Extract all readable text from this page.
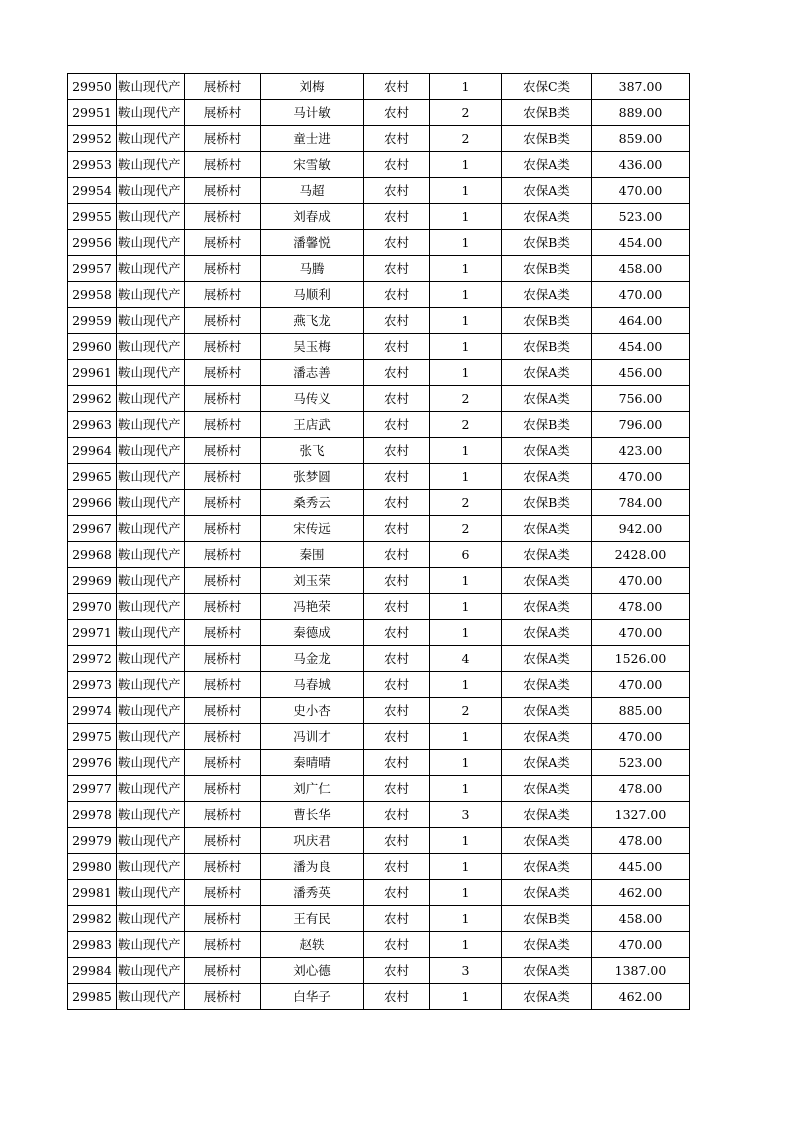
29950	鞍山现代产	展桥村	刘梅	农村	1	农保C类	387.00
29951	鞍山现代产	展桥村	马计敏	农村	2	农保B类	889.00
29952	鞍山现代产	展桥村	童士进	农村	2	农保B类	859.00
29953	鞍山现代产	展桥村	宋雪敏	农村	1	农保A类	436.00
29954	鞍山现代产	展桥村	马超	农村	1	农保A类	470.00
29955	鞍山现代产	展桥村	刘春成	农村	1	农保A类	523.00
29956	鞍山现代产	展桥村	潘馨悦	农村	1	农保B类	454.00
29957	鞍山现代产	展桥村	马腾	农村	1	农保B类	458.00
29958	鞍山现代产	展桥村	马顺利	农村	1	农保A类	470.00
29959	鞍山现代产	展桥村	燕飞龙	农村	1	农保B类	464.00
29960	鞍山现代产	展桥村	吴玉梅	农村	1	农保B类	454.00
29961	鞍山现代产	展桥村	潘志善	农村	1	农保A类	456.00
29962	鞍山现代产	展桥村	马传义	农村	2	农保A类	756.00
29963	鞍山现代产	展桥村	王店武	农村	2	农保B类	796.00
29964	鞍山现代产	展桥村	张飞	农村	1	农保A类	423.00
29965	鞍山现代产	展桥村	张梦圆	农村	1	农保A类	470.00
29966	鞍山现代产	展桥村	桑秀云	农村	2	农保B类	784.00
29967	鞍山现代产	展桥村	宋传远	农村	2	农保A类	942.00
29968	鞍山现代产	展桥村	秦围	农村	6	农保A类	2428.00
29969	鞍山现代产	展桥村	刘玉荣	农村	1	农保A类	470.00
29970	鞍山现代产	展桥村	冯艳荣	农村	1	农保A类	478.00
29971	鞍山现代产	展桥村	秦德成	农村	1	农保A类	470.00
29972	鞍山现代产	展桥村	马金龙	农村	4	农保A类	1526.00
29973	鞍山现代产	展桥村	马春城	农村	1	农保A类	470.00
29974	鞍山现代产	展桥村	史小杏	农村	2	农保A类	885.00
29975	鞍山现代产	展桥村	冯训才	农村	1	农保A类	470.00
29976	鞍山现代产	展桥村	秦晴晴	农村	1	农保A类	523.00
29977	鞍山现代产	展桥村	刘广仁	农村	1	农保A类	478.00
29978	鞍山现代产	展桥村	曹长华	农村	3	农保A类	1327.00
29979	鞍山现代产	展桥村	巩庆君	农村	1	农保A类	478.00
29980	鞍山现代产	展桥村	潘为良	农村	1	农保A类	445.00
29981	鞍山现代产	展桥村	潘秀英	农村	1	农保A类	462.00
29982	鞍山现代产	展桥村	王有民	农村	1	农保B类	458.00
29983	鞍山现代产	展桥村	赵轶	农村	1	农保A类	470.00
29984	鞍山现代产	展桥村	刘心德	农村	3	农保A类	1387.00
29985	鞍山现代产	展桥村	白华子	农村	1	农保A类	462.00
